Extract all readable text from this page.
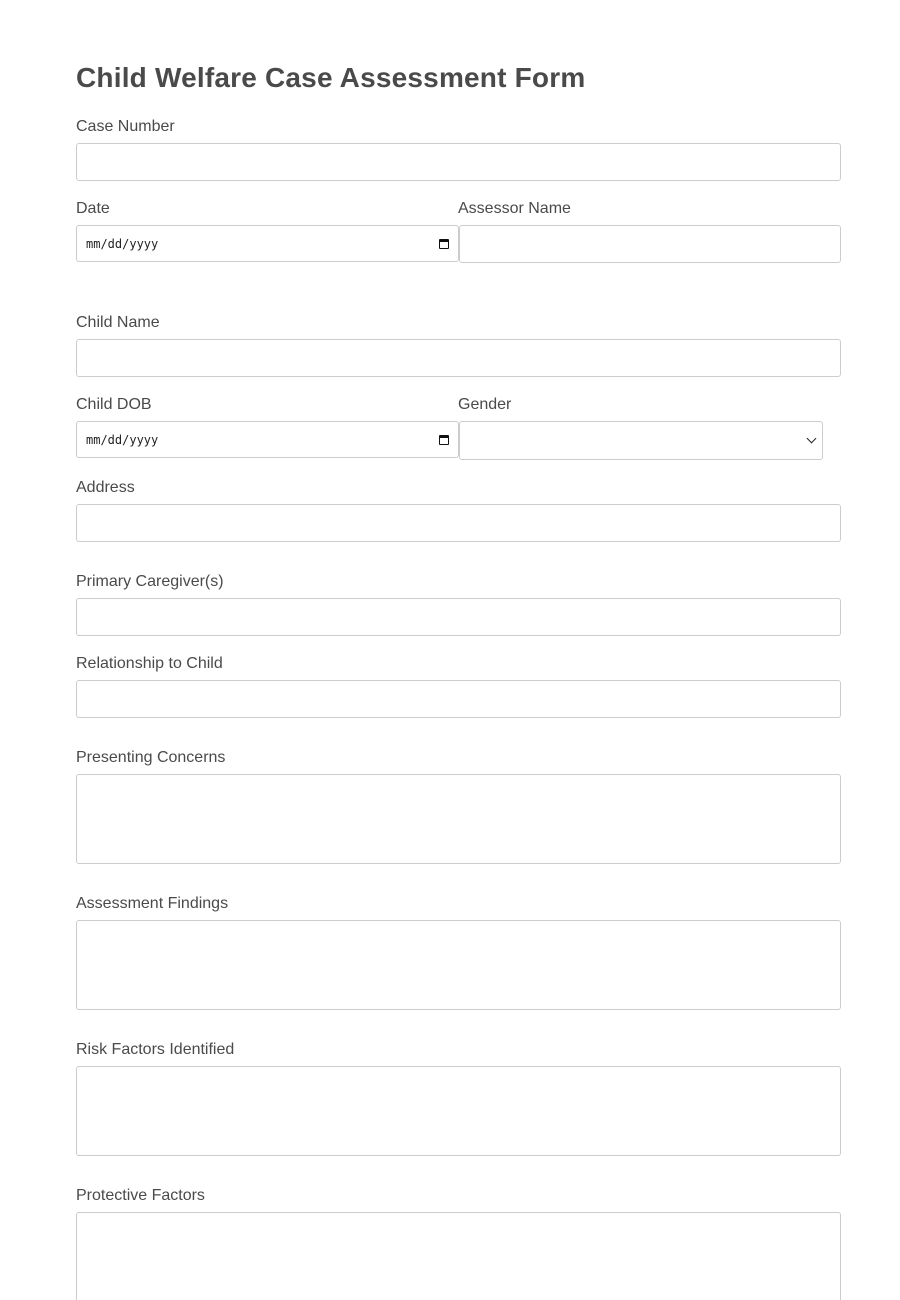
Child Welfare Case Assessment Form
Case Number
Date
mm/dd/yyyy
Assessor Name
Child Name
Child DOB
mm/dd/yyyy
Gender
Address
Primary Caregiver(s)
Relationship to Child
Presenting Concerns
Assessment Findings
Risk Factors Identified
Protective Factors
